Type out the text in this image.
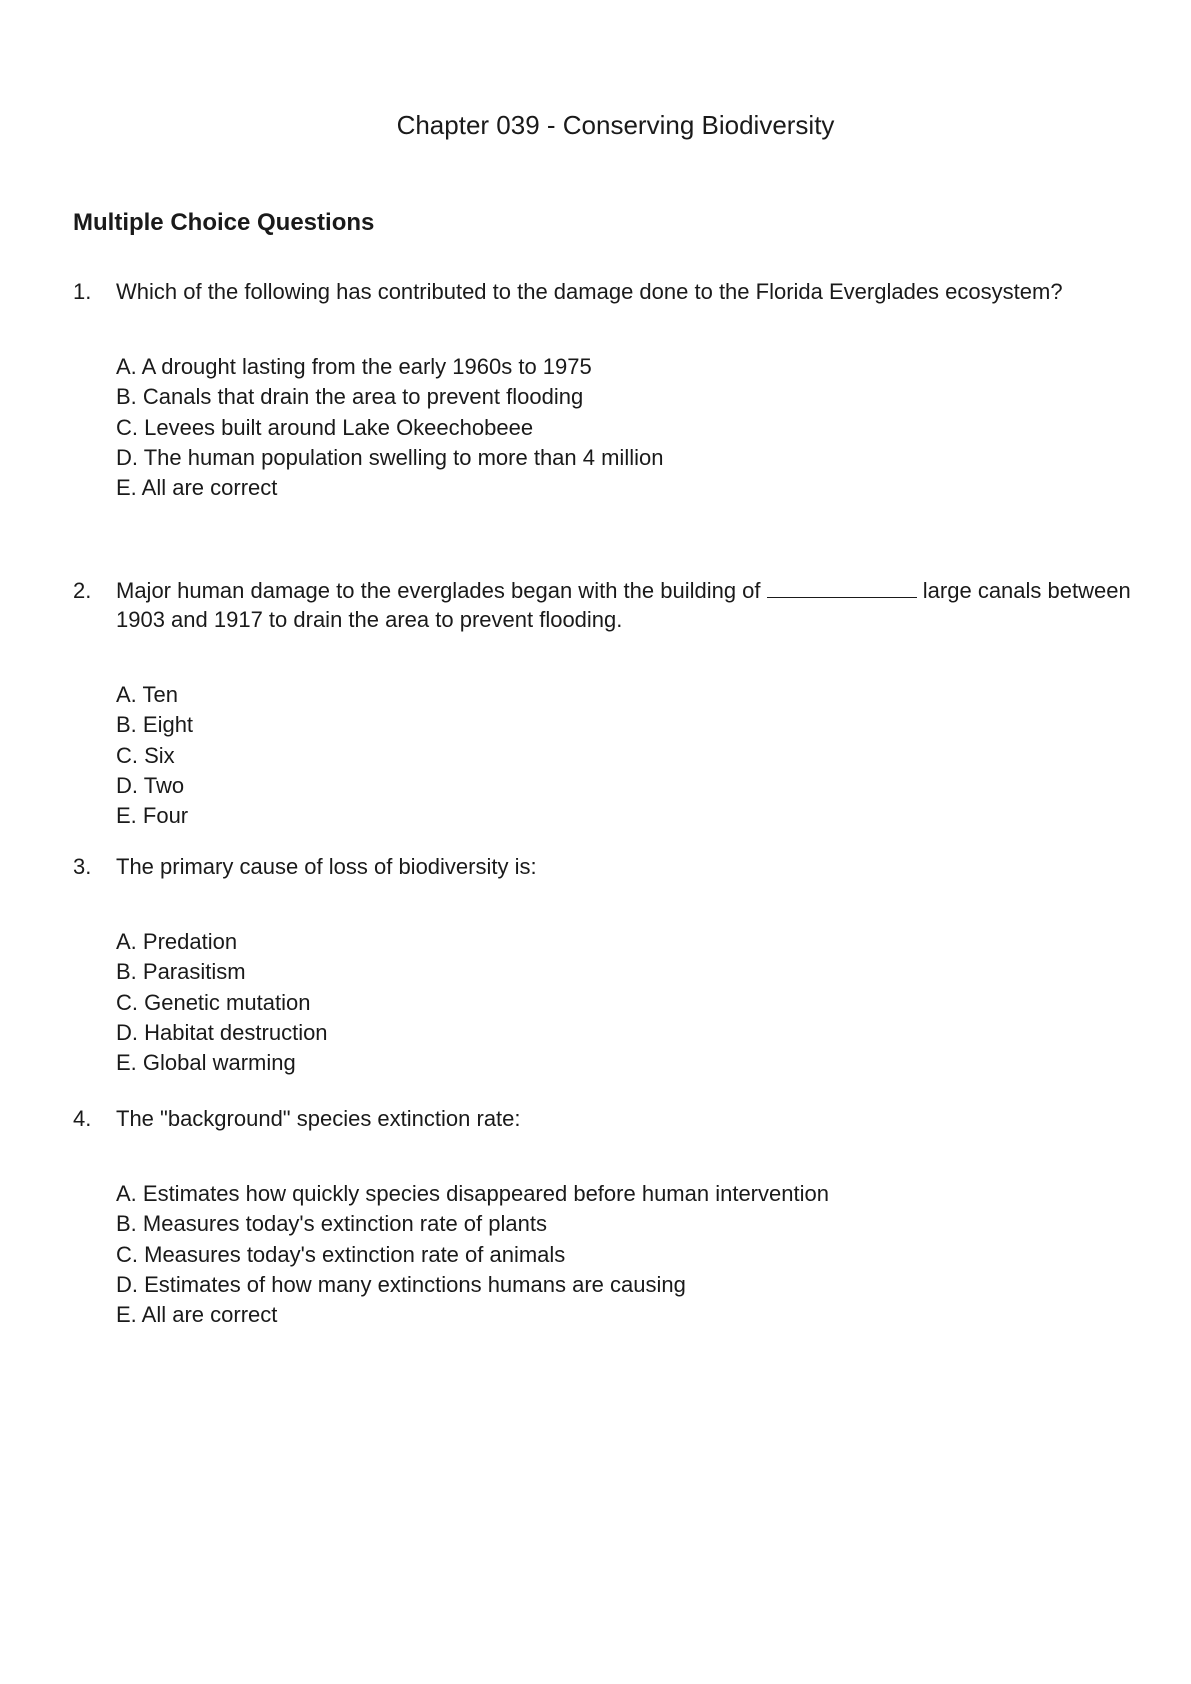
Chapter 039 - Conserving Biodiversity
Multiple Choice Questions
1.	Which of the following has contributed to the damage done to the Florida Everglades ecosystem?
A. A drought lasting from the early 1960s to 1975
B. Canals that drain the area to prevent flooding
C. Levees built around Lake Okeechobeee
D. The human population swelling to more than 4 million
E. All are correct
2.	Major human damage to the everglades began with the building of	large canals between 1903 and 1917 to drain the area to prevent flooding.
A. Ten
B. Eight
C. Six
D. Two
E. Four
3.	The primary cause of loss of biodiversity is:
A. Predation
B. Parasitism
C. Genetic mutation
D. Habitat destruction
E. Global warming
4.	The "background" species extinction rate:
A. Estimates how quickly species disappeared before human intervention
B. Measures today's extinction rate of plants
C. Measures today's extinction rate of animals
D. Estimates of how many extinctions humans are causing
E. All are correct
